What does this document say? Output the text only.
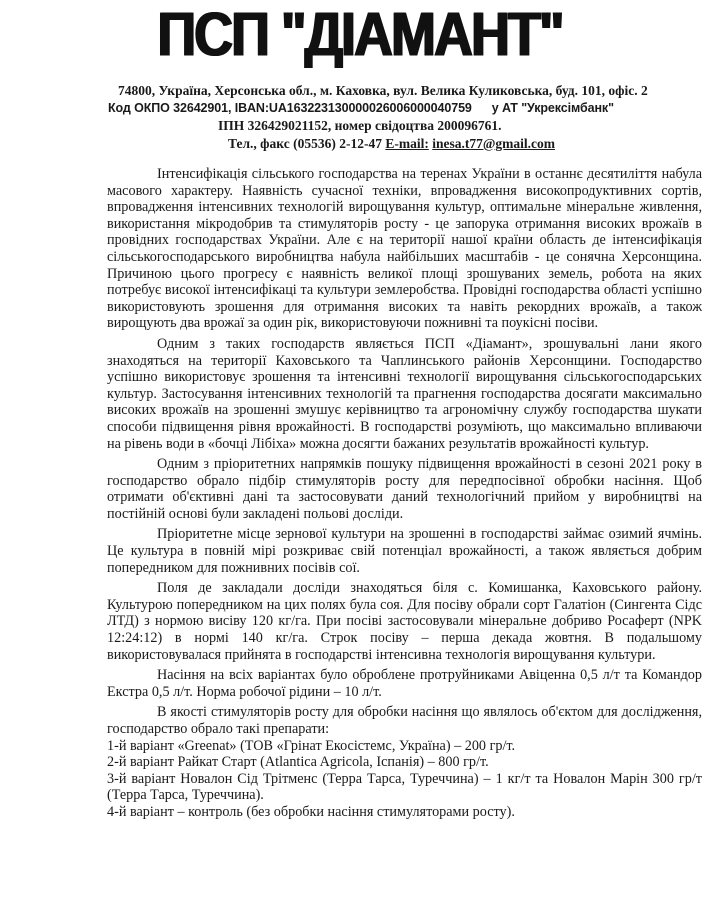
ПСП "ДІАМАНТ"
74800, Україна, Херсонська обл., м. Каховка, вул. Велика Куликовська, буд. 101, офіс. 2
Код ОКПО 32642901, IBAN:UA163223130000026006000040759 у АТ "Укрексімбанк"
ІПН 326429021152, номер свідоцтва 200096761.
Тел., факс (05536) 2-12-47 E-mail: inesa.t77@gmail.com

Інтенсифікація сільського господарства на теренах України в останнє десятиліття набула масового характеру. Наявність сучасної техніки, впровадження високопродуктивних сортів, впровадження інтенсивних технологій вирощування культур, оптимальне мінеральне живлення, використання мікродобрив та стимуляторів росту - це запорука отримання високих врожаїв в провідних господарствах України. Але є на території нашої країни область де інтенсифікація сільськогосподарського виробництва набула найбільших масштабів - це сонячна Херсонщина. Причиною цього прогресу є наявність великої площі зрошуваних земель, робота на яких потребує високої інтенсифікаці та культури землеробства. Провідні господарства області успішно використовують зрошення для отримання високих та навіть рекордних врожаїв, а також вирощують два врожаї за один рік, використовуючи пожнивні та поукісні посіви.

Одним з таких господарств являється ПСП «Діамант», зрошувальні лани якого знаходяться на території Каховського та Чаплинського районів Херсонщини. Господарство успішно використовує зрошення та інтенсивні технології вирощування сільськогосподарських культур. Застосування інтенсивних технологій та прагнення господарства досягати максимально високих врожаїв на зрошенні змушує керівництво та агрономічну службу господарства шукати способи підвищення рівня врожайності. В господарстві розуміють, що максимально впливаючи на рівень води в «бочці Лібіха» можна досягти бажаних результатів врожайності культур.

Одним з пріоритетних напрямків пошуку підвищення врожайності в сезоні 2021 року в господарство обрало підбір стимуляторів росту для передпосівної обробки насіння. Щоб отримати об'єктивні дані та застосовувати даний технологічний прийом у виробництві на постійній основі були закладені польові досліди.

Пріоритетне місце зернової культури на зрошенні в господарстві займає озимий ячмінь. Це культура в повній мірі розкриває свій потенціал врожайності, а також являється добрим попередником для пожнивних посівів сої.

Поля де закладали досліди знаходяться біля с. Комишанка, Каховського району. Культурою попередником на цих полях була соя. Для посіву обрали сорт Галатіон (Сингента Сідс ЛТД) з нормою висіву 120 кг/га. При посіві застосовували мінеральне добриво Росаферт (NPK 12:24:12) в нормі 140 кг/га. Строк посіву – перша декада жовтня. В подальшому використовувалася прийнята в господарстві інтенсивна технологія вирощування культури.

Насіння на всіх варіантах було оброблене протруйниками Авіценна 0,5 л/т та Командор Екстра 0,5 л/т. Норма робочої рідини – 10 л/т.

В якості стимуляторів росту для обробки насіння що являлось об'єктом для дослідження, господарство обрало такі препарати:

1-й варіант «Greenat» (ТОВ «Грінат Екосістемс, Україна) – 200 гр/т.

2-й варіант Райкат Старт (Atlantica Agricola, Іспанія) – 800 гр/т.

3-й варіант Новалон Сід Трітменс (Терра Тарса, Туреччина) – 1 кг/т та Новалон Марін 300 гр/т (Терра Тарса, Туреччина).

4-й варіант – контроль (без обробки насіння стимуляторами росту).
